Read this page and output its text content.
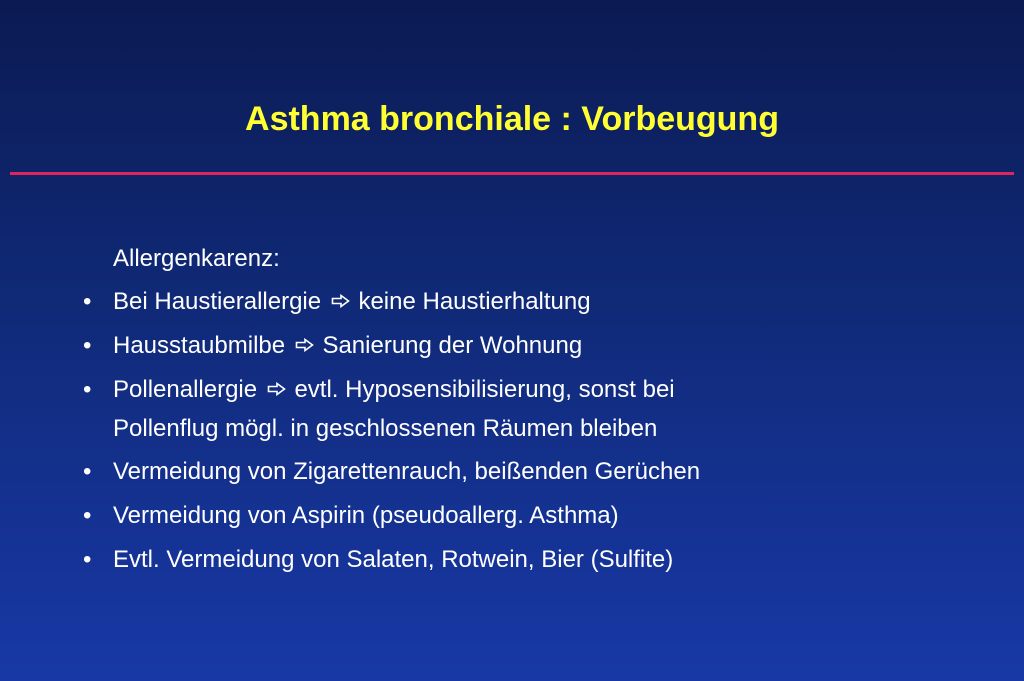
Asthma bronchiale : Vorbeugung
Allergenkarenz:
• Bei Haustierallergie keine Haustierhaltung
• Hausstaubmilbe Sanierung der Wohnung
• Pollenallergie evtl. Hyposensibilisierung, sonst bei
Pollenflug mögl. in geschlossenen Räumen bleiben
• Vermeidung von Zigarettenrauch, beißenden Gerüchen
• Vermeidung von Aspirin (pseudoallerg. Asthma)
• Evtl. Vermeidung von Salaten, Rotwein, Bier (Sulfite)
